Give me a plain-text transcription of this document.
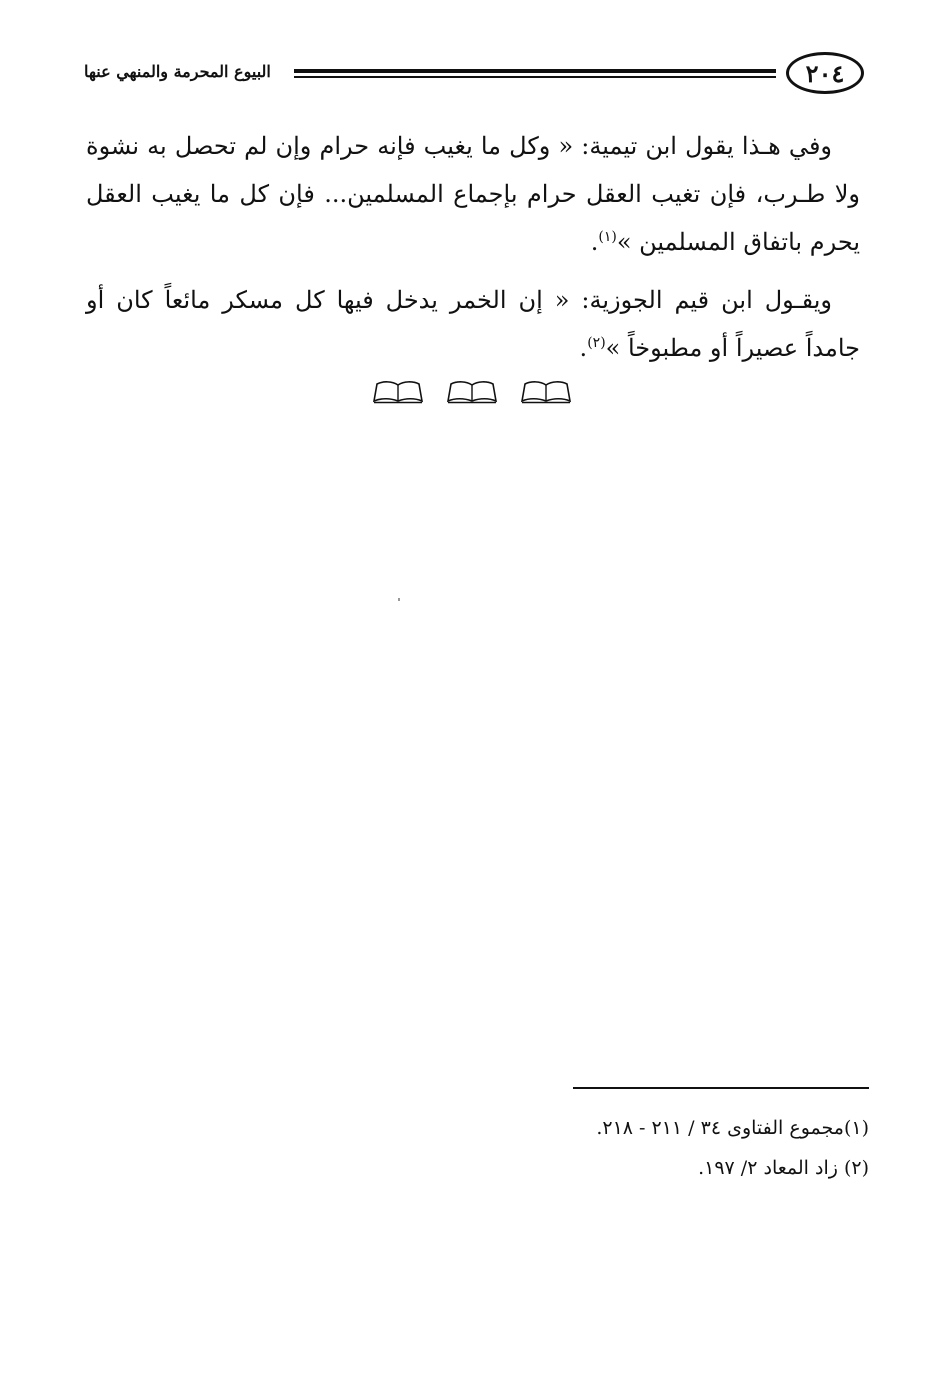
٢٠٤
البيوع المحرمة والمنهي عنها

وفي هـذا يقول ابن تيمية: « وكل ما يغيب فإنه حرام وإن لم تحصل به نشوة ولا طـرب، فإن تغيب العقل حرام بإجماع المسلمين... فإن كل ما يغيب العقل يحرم باتفاق المسلمين »$^{(١)}$.

ويقـول ابن قيم الجوزية: « إن الخمر يدخل فيها كل مسكر مائعاً كان أو جامداً عصيراً أو مطبوخاً »$^{(٢)}$.

(١)مجموع الفتاوى ٣٤ / ٢١١ - ٢١٨.

(٢) زاد المعاد ٢/ ١٩٧.
